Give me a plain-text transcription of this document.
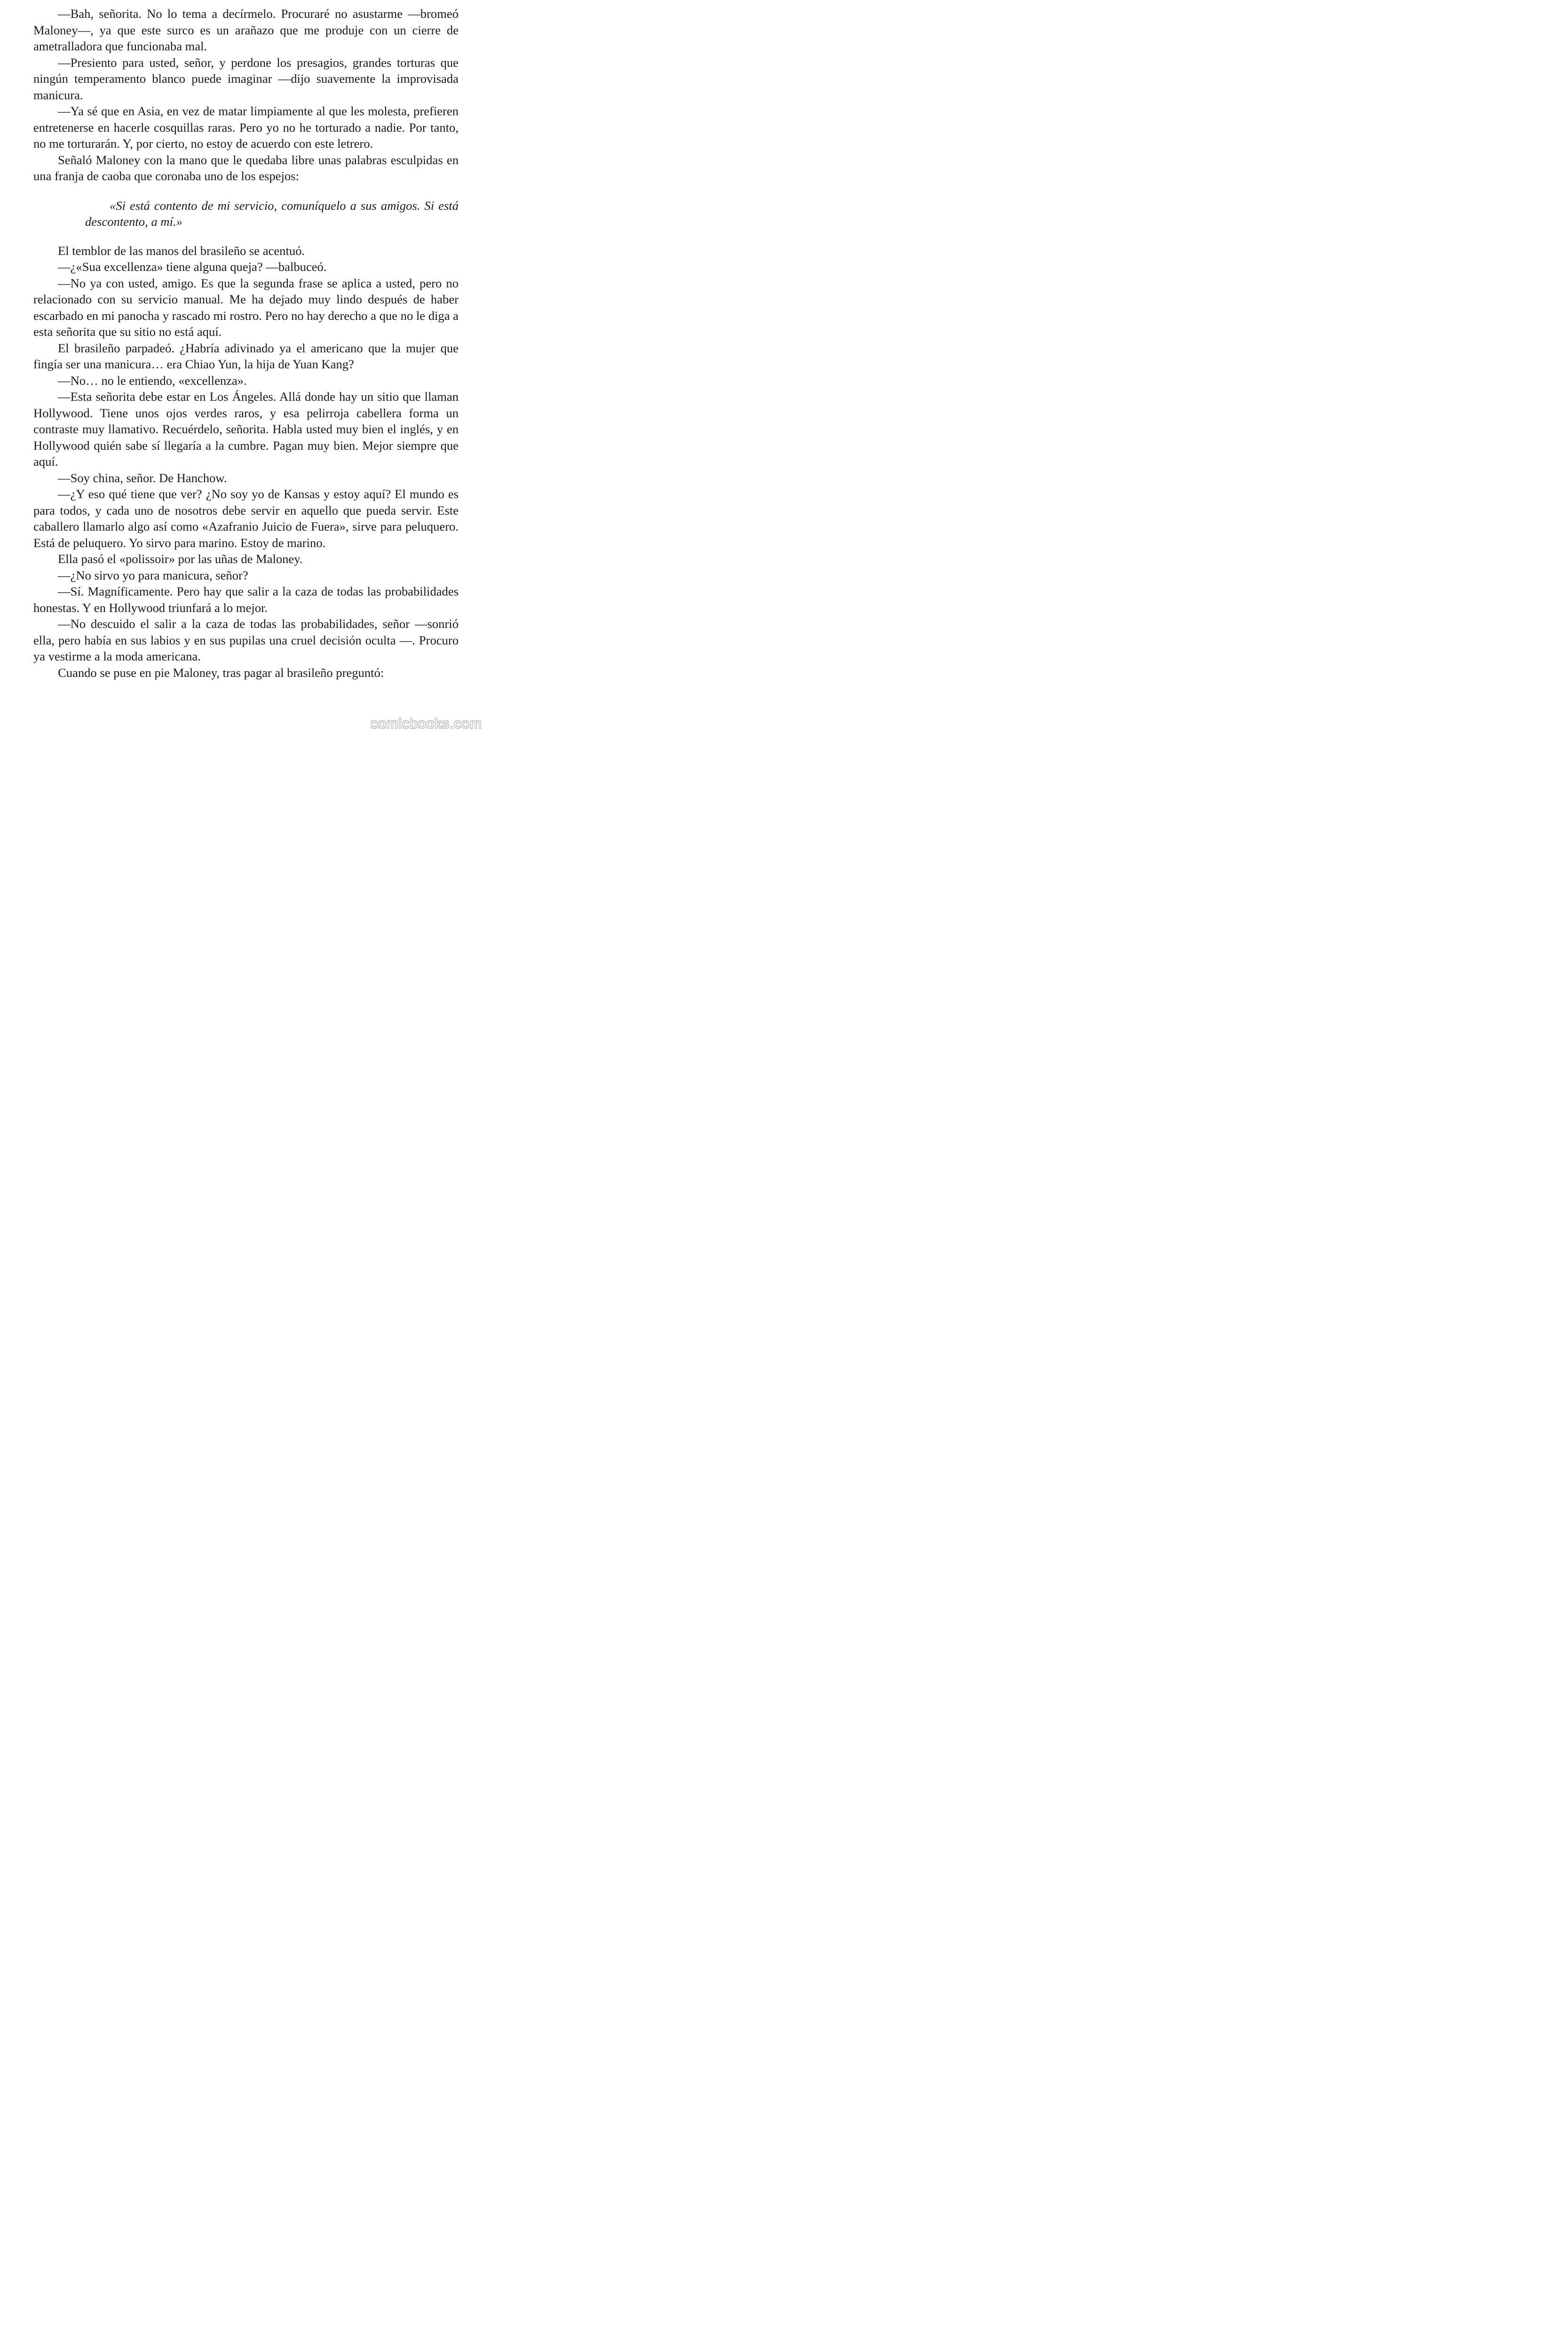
—Bah, señorita. No lo tema a decírmelo. Procuraré no asustarme —bromeó Maloney—, ya que este surco es un arañazo que me produje con un cierre de ametralladora que funcionaba mal.

—Presiento para usted, señor, y perdone los presagios, grandes torturas que ningún temperamento blanco puede imaginar —dijo suavemente la improvisada manicura.

—Ya sé que en Asia, en vez de matar limpiamente al que les molesta, prefieren entretenerse en hacerle cosquillas raras. Pero yo no he torturado a nadie. Por tanto, no me torturarán. Y, por cierto, no estoy de acuerdo con este letrero.

Señaló Maloney con la mano que le quedaba libre unas palabras esculpidas en una franja de caoba que coronaba uno de los espejos:

«Si está contento de mi servicio, comuníquelo a sus amigos. Si está descontento, a mí.»

El temblor de las manos del brasileño se acentuó.

—¿«Sua excellenza» tiene alguna queja? —balbuceó.

—No ya con usted, amigo. Es que la segunda frase se aplica a usted, pero no relacionado con su servicio manual. Me ha dejado muy lindo después de haber escarbado en mi panocha y rascado mi rostro. Pero no hay derecho a que no le diga a esta señorita que su sitio no está aquí.

El brasileño parpadeó. ¿Habría adivinado ya el americano que la mujer que fingía ser una manicura… era Chiao Yun, la hija de Yuan Kang?

—No… no le entiendo, «excellenza».

—Esta señorita debe estar en Los Ángeles. Allá donde hay un sitio que llaman Hollywood. Tiene unos ojos verdes raros, y esa pelirroja cabellera forma un contraste muy llamativo. Recuérdelo, señorita. Habla usted muy bien el inglés, y en Hollywood quién sabe sí llegaría a la cumbre. Pagan muy bien. Mejor siempre que aquí.

—Soy china, señor. De Hanchow.

—¿Y eso qué tiene que ver? ¿No soy yo de Kansas y estoy aquí? El mundo es para todos, y cada uno de nosotros debe servir en aquello que pueda servir. Este caballero llamarlo algo así como «Azafranio Juicio de Fuera», sirve para peluquero. Está de peluquero. Yo sirvo para marino. Estoy de marino.

Ella pasó el «polissoir» por las uñas de Maloney.

—¿No sirvo yo para manicura, señor?

—Sí. Magníficamente. Pero hay que salir a la caza de todas las probabilidades honestas. Y en Hollywood triunfará a lo mejor.

—No descuido el salir a la caza de todas las probabilidades, señor —sonrió ella, pero había en sus labios y en sus pupilas una cruel decisión oculta —. Procuro ya vestirme a la moda americana.

Cuando se puse en pie Maloney, tras pagar al brasileño preguntó:

comicbooks.com
